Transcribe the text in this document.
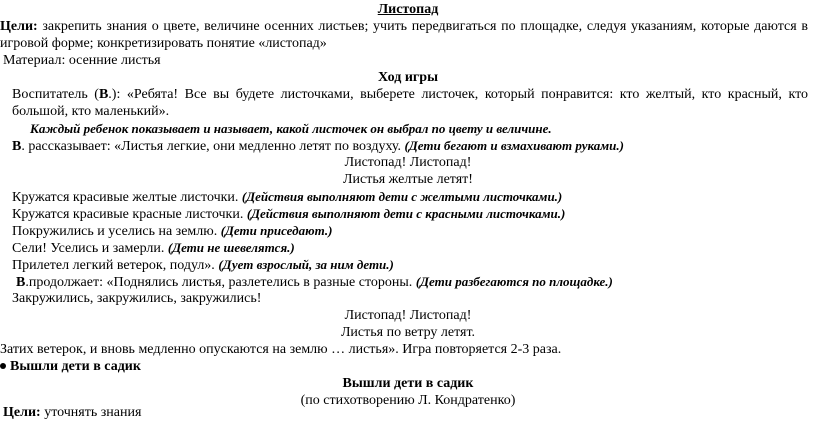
Листопад
Цели: закрепить знания о цвете, величине осенних листьев; учить передвигаться по площадке, следуя указаниям, которые даются в
игровой форме; конкретизировать понятие «листопад»
Материал: осенние листья
Ход игры
Воспитатель (В.): «Ребята! Все вы будете листочками, выберете листочек, который понравится: кто желтый, кто красный, кто
большой, кто маленький».
Каждый ребенок показывает и называет, какой листочек он выбрал по цвету и величине.
В. рассказывает: «Листья легкие, они медленно летят по воздуху. (Дети бегают и взмахивают руками.)
Листопад! Листопад!
Листья желтые летят!
Кружатся красивые желтые листочки. (Действия выполняют дети с желтыми листочками.)
Кружатся красивые красные листочки. (Действия выполняют дети с красными листочками.)
Покружились и уселись на землю. (Дети приседают.)
Сели! Уселись и замерли. (Дети не шевелятся.)
Прилетел легкий ветерок, подул». (Дует взрослый, за ним дети.)
В.продолжает: «Поднялись листья, разлетелись в разные стороны. (Дети разбегаются по площадке.)
Закружились, закружились, закружились!
Листопад! Листопад!
Листья по ветру летят.
Затих ветерок, и вновь медленно опускаются на землю … листья». Игра повторяется 2-3 раза.
Вышли дети в садик
Вышли дети в садик
(по стихотворению Л. Кондратенко)
Цели: уточнять знания
